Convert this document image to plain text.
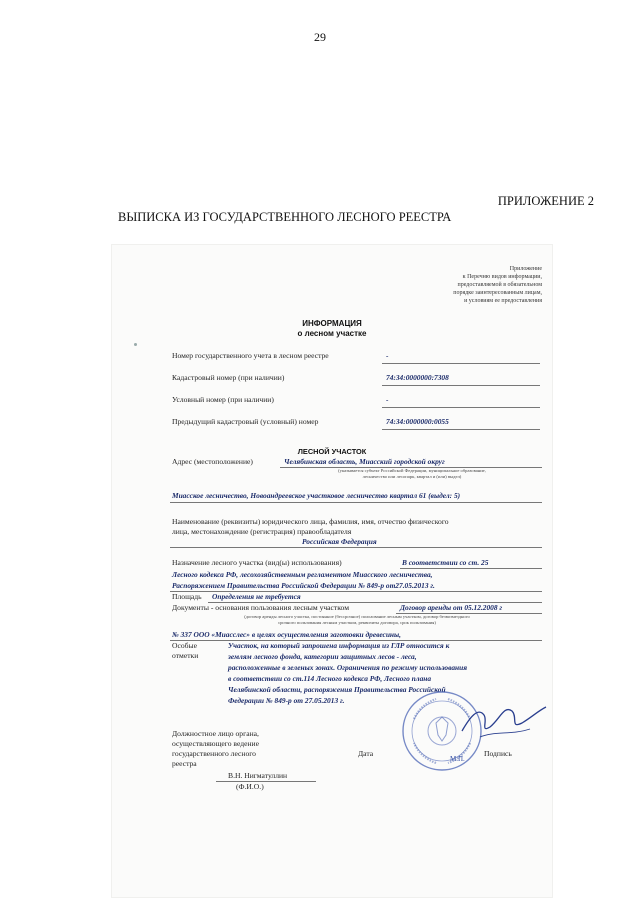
29
ПРИЛОЖЕНИЕ 2
ВЫПИСКА ИЗ ГОСУДАРСТВЕННОГО ЛЕСНОГО РЕЕСТРА
Приложение
к Перечню видов информации,
предоставляемой в обязательном
порядке заинтересованным лицам,
и условиям ее предоставления
ИНФОРМАЦИЯ
о лесном участке
Номер государственного учета в лесном реестре	-
Кадастровый номер (при наличии)	74:34:0000000:7308
Условный номер (при наличии)	-
Предыдущий кадастровый (условный) номер	74:34:0000000:0055
ЛЕСНОЙ УЧАСТОК
Адрес (местоположение)	Челябинская область, Миасский городской округ
(указывается субъект Российской Федерации, муниципальное образование,
лесничество или лесопарк, квартал и (или) выдел)
Миасское лесничество, Новоандреевское участковое лесничество квартал 61 (выдел: 5)
Наименование (реквизиты) юридического лица, фамилия, имя, отчество физического
лица, местонахождение (регистрация) правообладателя
Российская Федерация
Назначение лесного участка (вид(ы) использования)	В соответствии со ст. 25
Лесного кодекса РФ, лесохозяйственным регламентом Миасского лесничества,
Распоряжением Правительства Российской Федерации № 849-р от27.05.2013 г.
Площадь Определения не требуется
Документы - основания пользования лесным участком	Договор аренды от 05.12.2008 г
(договор аренды лесного участка, постоянное (бессрочное) пользование лесным участком, договор безвозмездного
срочного пользования лесным участком, реквизиты договора, срок пользования)
№ 337 ООО «Миасслес» в целях осуществления заготовки древесины,
Особые
отметки
Участок, на который запрошена информация из ГЛР относится к
землям лесного фонда, категории защитных лесов - леса,
расположенные в зеленых зонах. Ограничения по режиму использования
в соответствии со ст.114 Лесного кодекса РФ, Лесного плана
Челябинской области, распоряжения Правительства Российской
Федерации № 849-р от 27.05.2013 г.
Должностное лицо органа,
осуществляющего ведение
государственного лесного
реестра
Дата	Подпись
В.Н. Нигматуллин
(Ф.И.О.)
М.П.
